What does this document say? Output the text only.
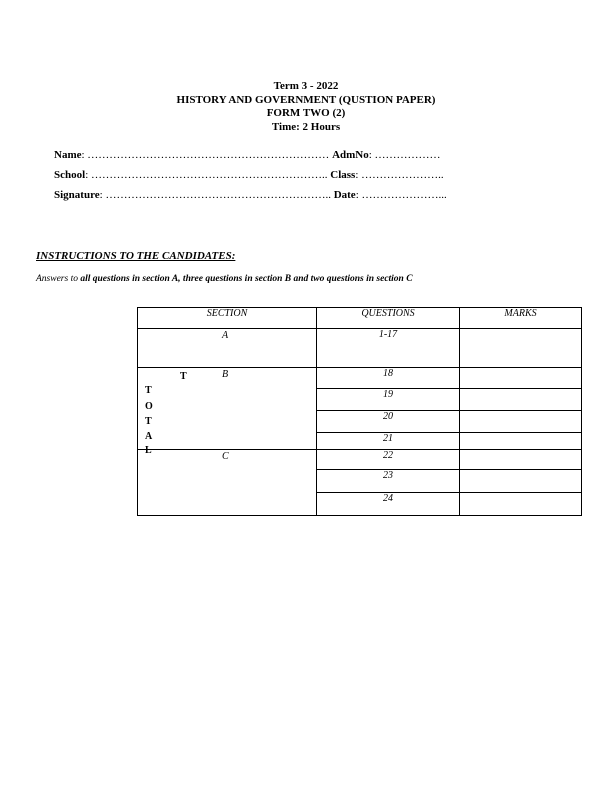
Term 3 - 2022
HISTORY AND GOVERNMENT (QUSTION PAPER)
FORM TWO (2)
Time: 2 Hours
Name: ………………………………………………………… AdmNo: ………………
School: ……………………………………………………….. Class: …………………..
Signature: …………………………………………………….. Date: …………………...
INSTRUCTIONS TO THE CANDIDATES:
Answers to all questions in section A, three questions in section B and two questions in section C
SECTION	QUESTIONS	MARKS

A	1-17	

B	18	
	19	
	20	
	21	

C	22	
	23	
	24	
T
T
O
T
A
L
